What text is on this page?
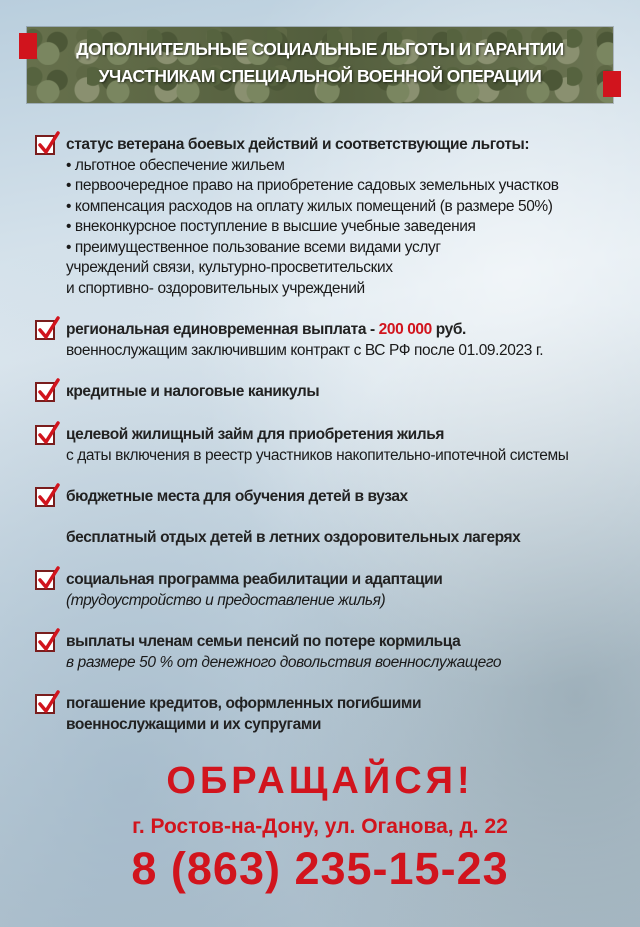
ДОПОЛНИТЕЛЬНЫЕ СОЦИАЛЬНЫЕ ЛЬГОТЫ И ГАРАНТИИ
УЧАСТНИКАМ СПЕЦИАЛЬНОЙ ВОЕННОЙ ОПЕРАЦИИ
статус ветерана боевых действий и соответствующие льготы:
• льготное обеспечение жильем
• первоочередное право на приобретение садовых земельных участков
• компенсация расходов на оплату жилых помещений (в размере 50%)
• внеконкурсное поступление в высшие учебные заведения
• преимущественное пользование всеми видами услуг
учреждений связи, культурно-просветительских
и спортивно- оздоровительных учреждений
региональная единовременная выплата - 200 000 руб.
военнослужащим заключившим контракт с ВС РФ после 01.09.2023 г.
кредитные и налоговые каникулы
целевой жилищный займ для приобретения жилья
с даты включения в реестр участников накопительно-ипотечной системы
бюджетные места для обучения детей в вузах
бесплатный отдых детей в летних оздоровительных лагерях
социальная программа реабилитации и адаптации
(трудоустройство и предоставление жилья)
выплаты членам семьи пенсий по потере кормильца
в размере 50 % от денежного довольствия военнослужащего
погашение кредитов, оформленных погибшими
военнослужащими и их супругами
ОБРАЩАЙСЯ!
г. Ростов-на-Дону, ул. Оганова, д. 22
8 (863) 235-15-23
